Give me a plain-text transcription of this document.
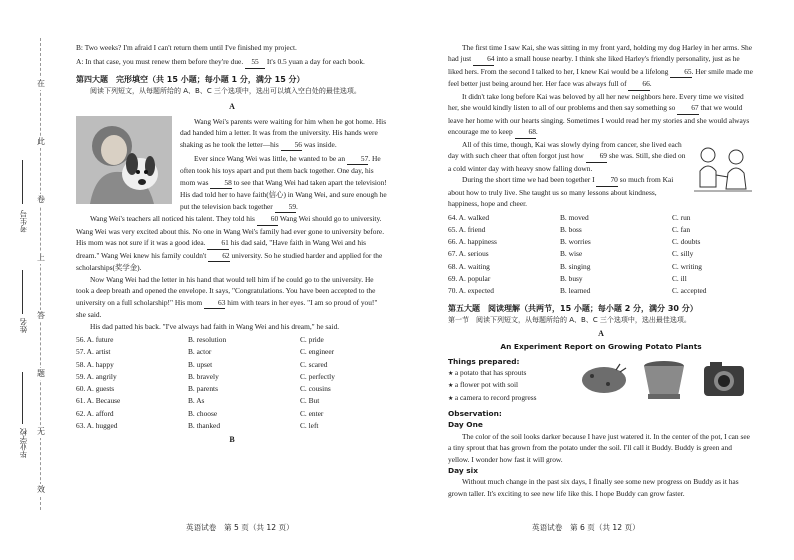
在
此
卷
上
答
题
无
效
考生号
姓名
毕业学校

B: Two weeks? I'm afraid I can't return them until I've finished my project.

A: In that case, you must renew them before they're due. 55 It's 0.5 yuan a day for each book.

第四大题　完形填空（共 15 小题；每小题 1 分，满分 15 分）

阅读下列短文，从每题所给的 A、B、C 三个选项中，选出可以填入空白处的最佳选项。

A

Wang Wei's parents were waiting for him when he got home. His dad handed him a letter. It was from the university. His hands were shaking as he took the letter—his 56 was inside.

Ever since Wang Wei was little, he wanted to be an 57. He often took his toys apart and put them back together. One day, his mom was 58 to see that Wang Wei had taken apart the television! His dad told her to have faith(信心) in Wang Wei, and sure enough he put the television back together 59.

Wang Wei's teachers all noticed his talent. They told his 60 Wang Wei should go to university. Wang Wei was very excited about this. No one in Wang Wei's family had ever gone to university before. His mom was not sure if it was a good idea. 61 his dad said, "Have faith in Wang Wei and his dream." Wang Wei knew his family couldn't 62 university. So he studied harder and applied for the scholarships(奖学金).

Now Wang Wei had the letter in his hand that would tell him if he could go to the university. He took a deep breath and opened the envelope. It says, "Congratulations. You have been accepted to the university on a full scholarship!" His mom 63 him with tears in her eyes. "I am so proud of you!" she said.

His dad patted his back. "I've always had faith in Wang Wei and his dream," he said.

56. A. future	B. resolution	C. pride
57. A. artist	B. actor	C. engineer
58. A. happy	B. upset	C. scared
59. A. angrily	B. bravely	C. perfectly
60. A. guests	B. parents	C. cousins
61. A. Because	B. As	C. But
62. A. afford	B. choose	C. enter
63. A. hugged	B. thanked	C. left

B

英语试卷　第 5 页（共 12 页）

The first time I saw Kai, she was sitting in my front yard, holding my dog Harley in her arms. She had just 64 into a small house nearby. I think she liked Harley's friendly personality, just as he liked hers. From the second I talked to her, I knew Kai would be a lifelong 65. Her smile made me feel better just being around her. Her face was always full of 66.

It didn't take long before Kai was beloved by all her new neighbors here. Every time we visited her, she would kindly listen to all of our problems and then say something so 67 that we would leave her home with our hearts singing. Sometimes I would read her my stories and she would always encourage me to keep 68.

All of this time, though, Kai was slowly dying from cancer, she lived each day with such cheer that often forgot just how 69 she was. Still, she died on a cold winter day with heavy snow falling down.

During the short time we had been together I 70 so much from Kai about how to truly live. She taught us so many lessons about kindness, happiness, hope and cheer.

64. A. walked	B. moved	C. run
65. A. friend	B. boss	C. fan
66. A. happiness	B. worries	C. doubts
67. A. serious	B. wise	C. silly
68. A. waiting	B. singing	C. writing
69. A. popular	B. busy	C. ill
70. A. expected	B. learned	C. accepted

第五大题　阅读理解（共两节，15 小题；每小题 2 分，满分 30 分）

第一节　阅读下列短文，从每题所给的 A、B、C 三个选项中，选出最佳选项。

A

An Experiment Report on Growing Potato Plants

Things prepared:

★ a potato that has sprouts

★ a flower pot with soil

★ a camera to record progress

Observation:

Day One

The color of the soil looks darker because I have just watered it. In the center of the pot, I can see a tiny sprout that has grown from the potato under the soil. I'll call it Buddy. Buddy is green and yellow. I wonder how fast it will grow.

Day six

Without much change in the past six days, I finally see some new progress on Buddy as it has grown taller. It's exciting to see new life like this. I hope Buddy can grow faster.

英语试卷　第 6 页（共 12 页）
